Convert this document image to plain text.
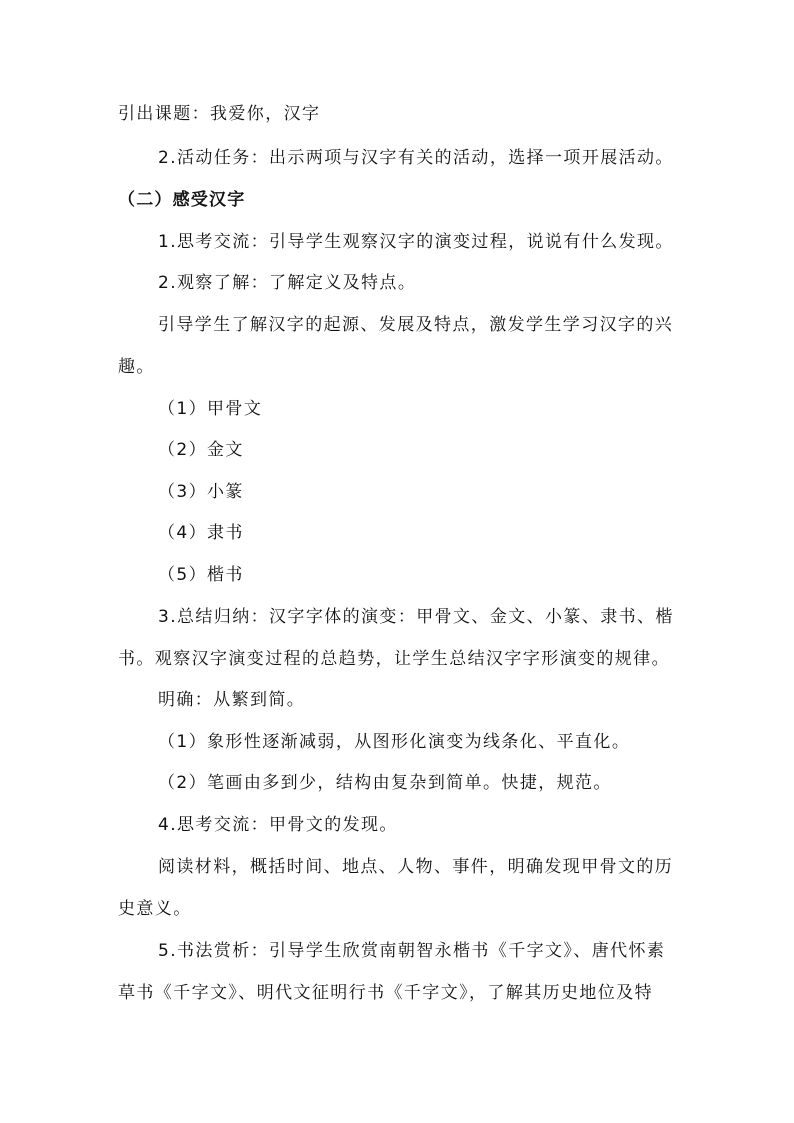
引出课题：我爱你，汉字
2.活动任务：出示两项与汉字有关的活动，选择一项开展活动。
（二）感受汉字
1.思考交流：引导学生观察汉字的演变过程，说说有什么发现。
2.观察了解：了解定义及特点。
引导学生了解汉字的起源、发展及特点，激发学生学习汉字的兴
趣。
（1）甲骨文
（2）金文
（3）小篆
（4）隶书
（5）楷书
3.总结归纳：汉字字体的演变：甲骨文、金文、小篆、隶书、楷
书。观察汉字演变过程的总趋势，让学生总结汉字字形演变的规律。
明确：从繁到简。
（1）象形性逐渐减弱，从图形化演变为线条化、平直化。
（2）笔画由多到少，结构由复杂到简单。快捷，规范。
4.思考交流：甲骨文的发现。
阅读材料，概括时间、地点、人物、事件，明确发现甲骨文的历
史意义。
5.书法赏析：引导学生欣赏南朝智永楷书《千字文》、唐代怀素
草书《千字文》、明代文征明行书《千字文》，了解其历史地位及特
